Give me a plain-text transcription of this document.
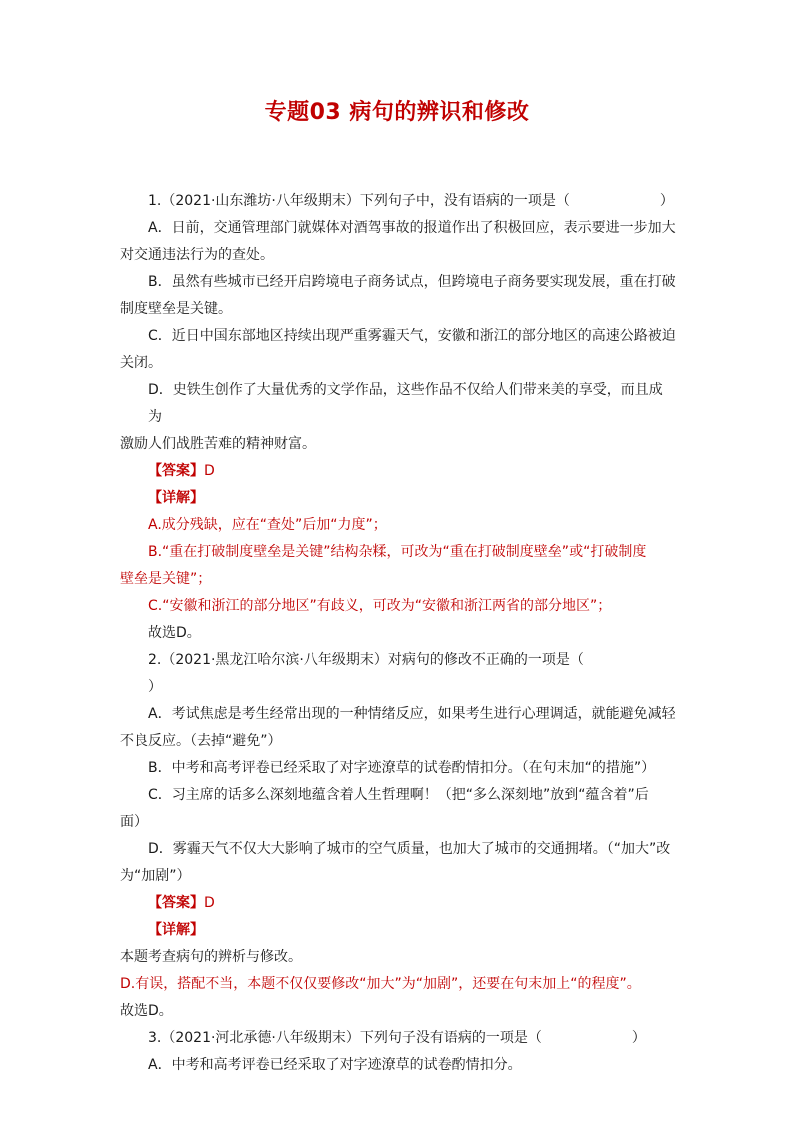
专题03 病句的辨识和修改
1.（2021·山东潍坊·八年级期末）下列句子中，没有语病的一项是（	）
A．日前，交通管理部门就媒体对酒驾事故的报道作出了积极回应，表示要进一步加大
对交通违法行为的查处。
B．虽然有些城市已经开启跨境电子商务试点，但跨境电子商务要实现发展，重在打破
制度壁垒是关键。
C．近日中国东部地区持续出现严重雾霾天气，安徽和浙江的部分地区的高速公路被迫
关闭。
D．史铁生创作了大量优秀的文学作品，这些作品不仅给人们带来美的享受，而且成为
激励人们战胜苦难的精神财富。
【答案】D
【详解】
A.成分残缺，应在“查处”后加“力度”；
B.“重在打破制度壁垒是关键”结构杂糅，可改为“重在打破制度壁垒”或“打破制度
壁垒是关键”；
C.“安徽和浙江的部分地区”有歧义，可改为“安徽和浙江两省的部分地区”；
故选D。
2.（2021·黑龙江哈尔滨·八年级期末）对病句的修改不正确的一项是（）
A．考试焦虑是考生经常出现的一种情绪反应，如果考生进行心理调适，就能避免减轻
不良反应。（去掉“避免”）
B．中考和高考评卷已经采取了对字迹潦草的试卷酌情扣分。（在句末加“的措施”）
C．习主席的话多么深刻地蕴含着人生哲理啊！（把“多么深刻地”放到“蕴含着”后
面）
D．雾霾天气不仅大大影响了城市的空气质量，也加大了城市的交通拥堵。（“加大”改
为“加剧”）
【答案】D
【详解】
本题考查病句的辨析与修改。
D.有误，搭配不当，本题不仅仅要修改“加大”为“加剧”，还要在句末加上“的程度”。
故选D。
3.（2021·河北承德·八年级期末）下列句子没有语病的一项是（	）
A．中考和高考评卷已经采取了对字迹潦草的试卷酌情扣分。
